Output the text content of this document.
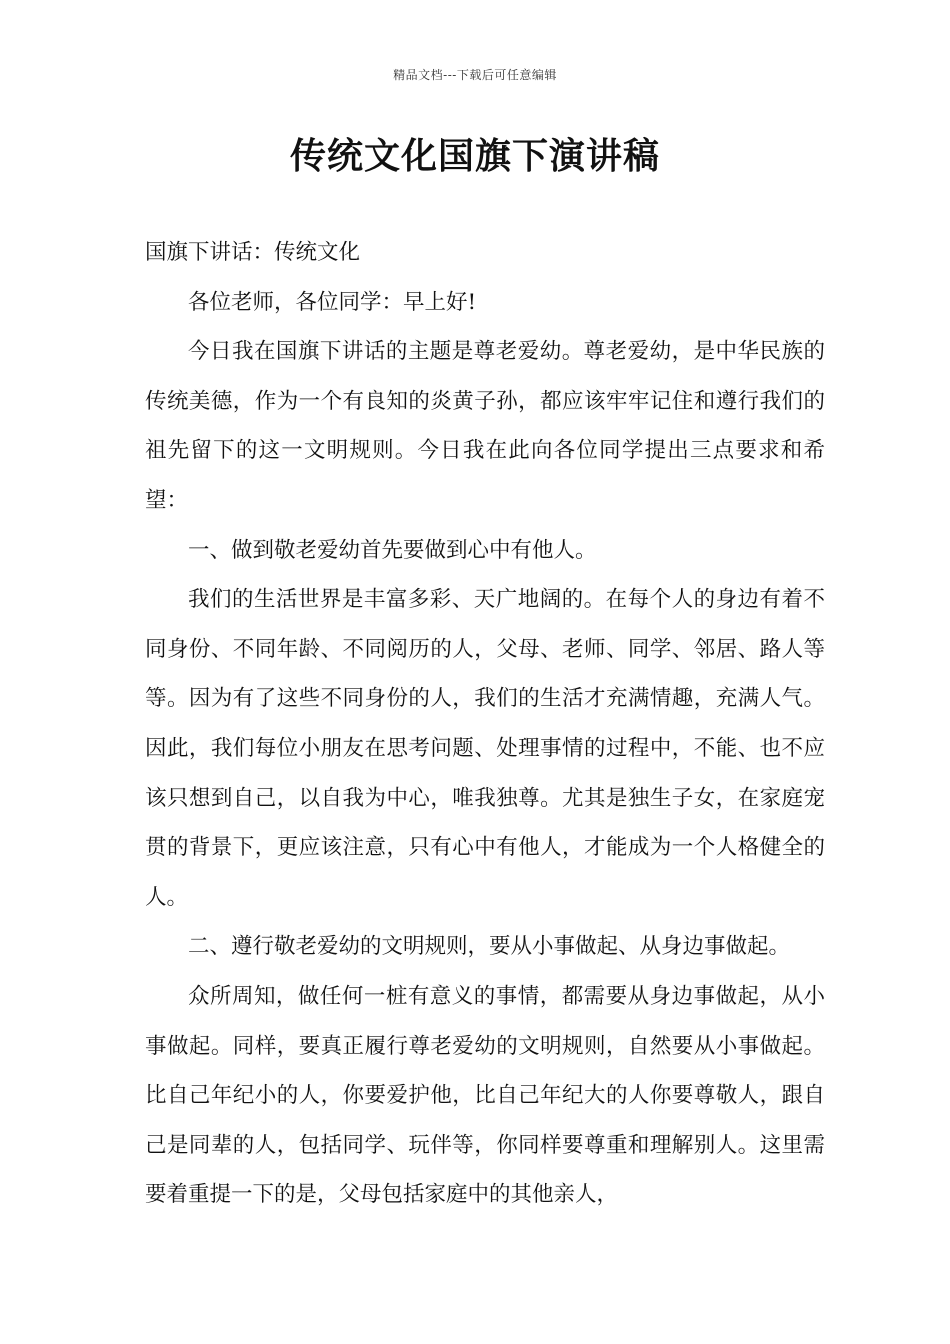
精品文档---下载后可任意编辑
传统文化国旗下演讲稿

国旗下讲话：传统文化

各位老师，各位同学：早上好!

今日我在国旗下讲话的主题是尊老爱幼。尊老爱幼，是中华民族的传统美德，作为一个有良知的炎黄子孙，都应该牢牢记住和遵行我们的祖先留下的这一文明规则。今日我在此向各位同学提出三点要求和希望：

一、做到敬老爱幼首先要做到心中有他人。

我们的生活世界是丰富多彩、天广地阔的。在每个人的身边有着不同身份、不同年龄、不同阅历的人，父母、老师、同学、邻居、路人等等。因为有了这些不同身份的人，我们的生活才充满情趣，充满人气。因此，我们每位小朋友在思考问题、处理事情的过程中，不能、也不应该只想到自己，以自我为中心，唯我独尊。尤其是独生子女，在家庭宠贯的背景下，更应该注意，只有心中有他人，才能成为一个人格健全的人。

二、遵行敬老爱幼的文明规则，要从小事做起、从身边事做起。

众所周知，做任何一桩有意义的事情，都需要从身边事做起，从小事做起。同样，要真正履行尊老爱幼的文明规则，自然要从小事做起。比自己年纪小的人，你要爱护他，比自己年纪大的人你要尊敬人，跟自己是同辈的人，包括同学、玩伴等，你同样要尊重和理解别人。这里需要着重提一下的是，父母包括家庭中的其他亲人，
